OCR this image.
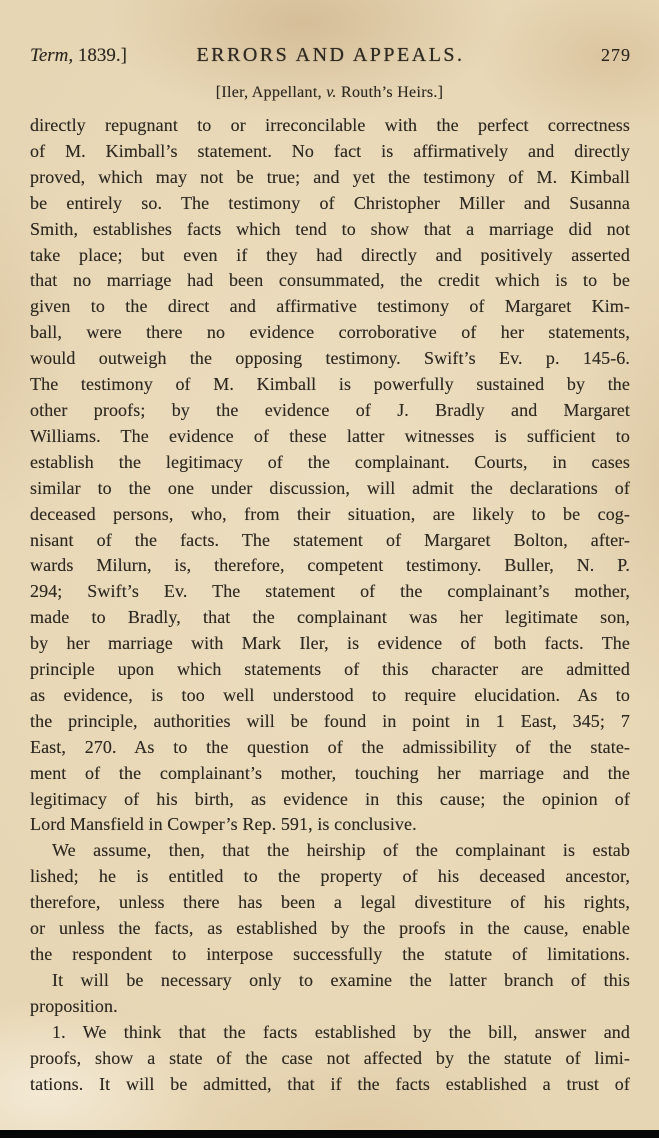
Term, 1839.]	ERRORS AND APPEALS.	279
[Iler, Appellant, v. Routh’s Heirs.]
directly repugnant to or irreconcilable with the perfect correctness
of M. Kimball’s statement. No fact is affirmatively and directly
proved, which may not be true; and yet the testimony of M. Kimball
be entirely so. The testimony of Christopher Miller and Susanna
Smith, establishes facts which tend to show that a marriage did not
take place; but even if they had directly and positively asserted
that no marriage had been consummated, the credit which is to be
given to the direct and affirmative testimony of Margaret Kim-
ball, were there no evidence corroborative of her statements,
would outweigh the opposing testimony. Swift’s Ev. p. 145-6.
The testimony of M. Kimball is powerfully sustained by the
other proofs; by the evidence of J. Bradly and Margaret
Williams. The evidence of these latter witnesses is sufficient to
establish the legitimacy of the complainant. Courts, in cases
similar to the one under discussion, will admit the declarations of
deceased persons, who, from their situation, are likely to be cog-
nisant of the facts. The statement of Margaret Bolton, after-
wards Milurn, is, therefore, competent testimony. Buller, N. P.
294; Swift’s Ev. The statement of the complainant’s mother,
made to Bradly, that the complainant was her legitimate son,
by her marriage with Mark Iler, is evidence of both facts. The
principle upon which statements of this character are admitted
as evidence, is too well understood to require elucidation. As to
the principle, authorities will be found in point in 1 East, 345; 7
East, 270. As to the question of the admissibility of the state-
ment of the complainant’s mother, touching her marriage and the
legitimacy of his birth, as evidence in this cause; the opinion of
Lord Mansfield in Cowper’s Rep. 591, is conclusive.
We assume, then, that the heirship of the complainant is estab
lished; he is entitled to the property of his deceased ancestor,
therefore, unless there has been a legal divestiture of his rights,
or unless the facts, as established by the proofs in the cause, enable
the respondent to interpose successfully the statute of limitations.
It will be necessary only to examine the latter branch of this
proposition.
1. We think that the facts established by the bill, answer and
proofs, show a state of the case not affected by the statute of limi-
tations. It will be admitted, that if the facts established a trust of
